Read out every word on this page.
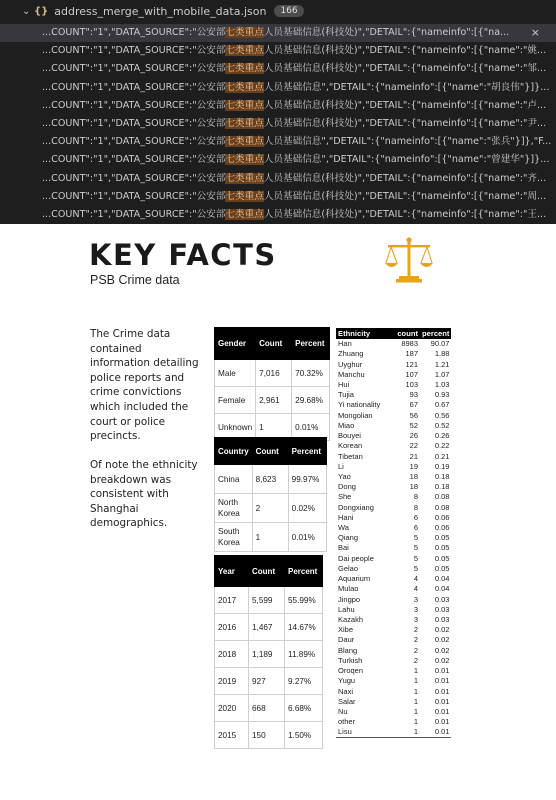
⌄ {} address_merge_with_mobile_data.json	166
...COUNT":"1","DATA_SOURCE":"公安部七类重点人员基础信息(科技处)","DETAIL":{"nameinfo":[{"na... ×
...COUNT":"1","DATA_SOURCE":"公安部七类重点人员基础信息(科技处)","DETAIL":{"nameinfo":[{"name":"姚...
...COUNT":"1","DATA_SOURCE":"公安部七类重点人员基础信息(科技处)","DETAIL":{"nameinfo":[{"name":"邹...
...COUNT":"1","DATA_SOURCE":"公安部七类重点人员基础信息","DETAIL":{"nameinfo":[{"name":"胡良伟"}]}...
...COUNT":"1","DATA_SOURCE":"公安部七类重点人员基础信息(科技处)","DETAIL":{"nameinfo":[{"name":"卢...
...COUNT":"1","DATA_SOURCE":"公安部七类重点人员基础信息(科技处)","DETAIL":{"nameinfo":[{"name":"尹...
...COUNT":"1","DATA_SOURCE":"公安部七类重点人员基础信息","DETAIL":{"nameinfo":[{"name":"张兵"}]},"F...
...COUNT":"1","DATA_SOURCE":"公安部七类重点人员基础信息","DETAIL":{"nameinfo":[{"name":"曾建华"}]}...
...COUNT":"1","DATA_SOURCE":"公安部七类重点人员基础信息(科技处)","DETAIL":{"nameinfo":[{"name":"齐...
...COUNT":"1","DATA_SOURCE":"公安部七类重点人员基础信息(科技处)","DETAIL":{"nameinfo":[{"name":"周...
...COUNT":"1","DATA_SOURCE":"公安部七类重点人员基础信息(科技处)","DETAIL":{"nameinfo":[{"name":"王...
KEY FACTS
PSB Crime data
The Crime data contained information detailing police reports and crime convictions which included the court or police precincts.
Of note the ethnicity breakdown was consistent with Shanghai demographics.
Gender	Count	Percent
Male	7,016	70.32%
Female	2,961	29.68%
Unknown	1	0.01%
Country	Count	Percent
China	8,623	99.97%
North Korea	2	0.02%
South Korea	1	0.01%
Year	Count	Percent
2017	5,599	55.99%
2016	1,467	14.67%
2018	1,189	11.89%
2019	927	9.27%
2020	668	6.68%
2015	150	1.50%
Ethnicity	count	percent
Han	8983	90.07
Zhuang	187	1.88
Uyghur	121	1.21
Manchu	107	1.07
Hui	103	1.03
Tujia	93	0.93
Yi nationality	67	0.67
Mongolian	56	0.56
Miao	52	0.52
Bouyei	26	0.26
Korean	22	0.22
Tibetan	21	0.21
Li	19	0.19
Yao	18	0.18
Dong	18	0.18
She	8	0.08
Dongxiang	8	0.08
Hani	6	0.06
Wa	6	0.06
Qiang	5	0.05
Bai	5	0.05
Dai people	5	0.05
Gelao	5	0.05
Aquarium	4	0.04
Mulao	4	0.04
Jingpo	3	0.03
Lahu	3	0.03
Kazakh	3	0.03
Xibe	2	0.02
Daur	2	0.02
Blang	2	0.02
Turkish	2	0.02
Oroqen	1	0.01
Yugu	1	0.01
Naxi	1	0.01
Salar	1	0.01
Nu	1	0.01
other	1	0.01
Lisu	1	0.01
